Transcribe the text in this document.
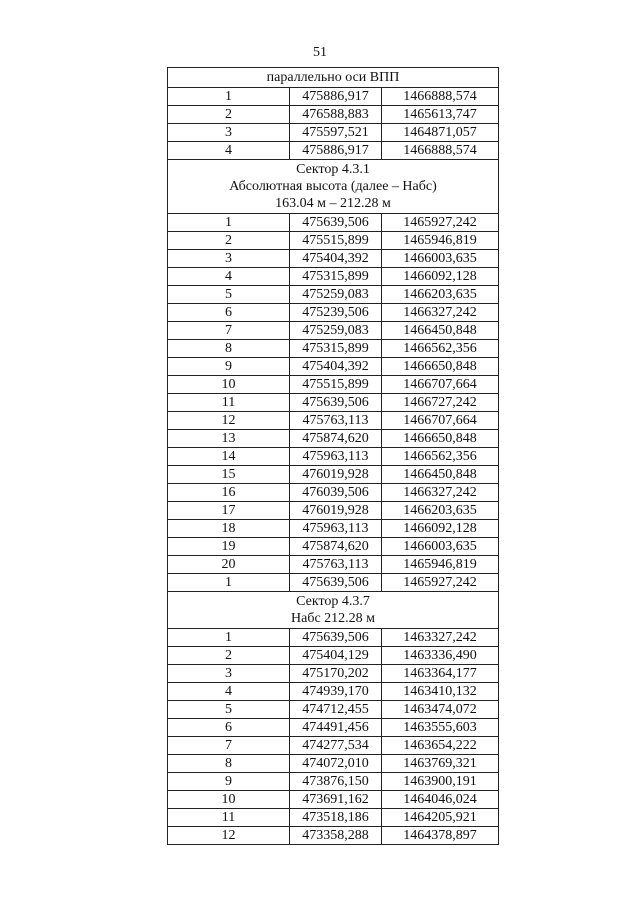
51
параллельно оси ВПП		

1	475886,917	1466888,574
2	476588,883	1465613,747
3	475597,521	1464871,057
4	475886,917	1466888,574

Сектор 4.3.1
Абсолютная высота (далее – Набс)
163.04 м – 212.28 м		

1	475639,506	1465927,242
2	475515,899	1465946,819
3	475404,392	1466003,635
4	475315,899	1466092,128
5	475259,083	1466203,635
6	475239,506	1466327,242
7	475259,083	1466450,848
8	475315,899	1466562,356
9	475404,392	1466650,848
10	475515,899	1466707,664
11	475639,506	1466727,242
12	475763,113	1466707,664
13	475874,620	1466650,848
14	475963,113	1466562,356
15	476019,928	1466450,848
16	476039,506	1466327,242
17	476019,928	1466203,635
18	475963,113	1466092,128
19	475874,620	1466003,635
20	475763,113	1465946,819
1	475639,506	1465927,242

Сектор 4.3.7
Набс 212.28 м		

1	475639,506	1463327,242
2	475404,129	1463336,490
3	475170,202	1463364,177
4	474939,170	1463410,132
5	474712,455	1463474,072
6	474491,456	1463555,603
7	474277,534	1463654,222
8	474072,010	1463769,321
9	473876,150	1463900,191
10	473691,162	1464046,024
11	473518,186	1464205,921
12	473358,288	1464378,897
